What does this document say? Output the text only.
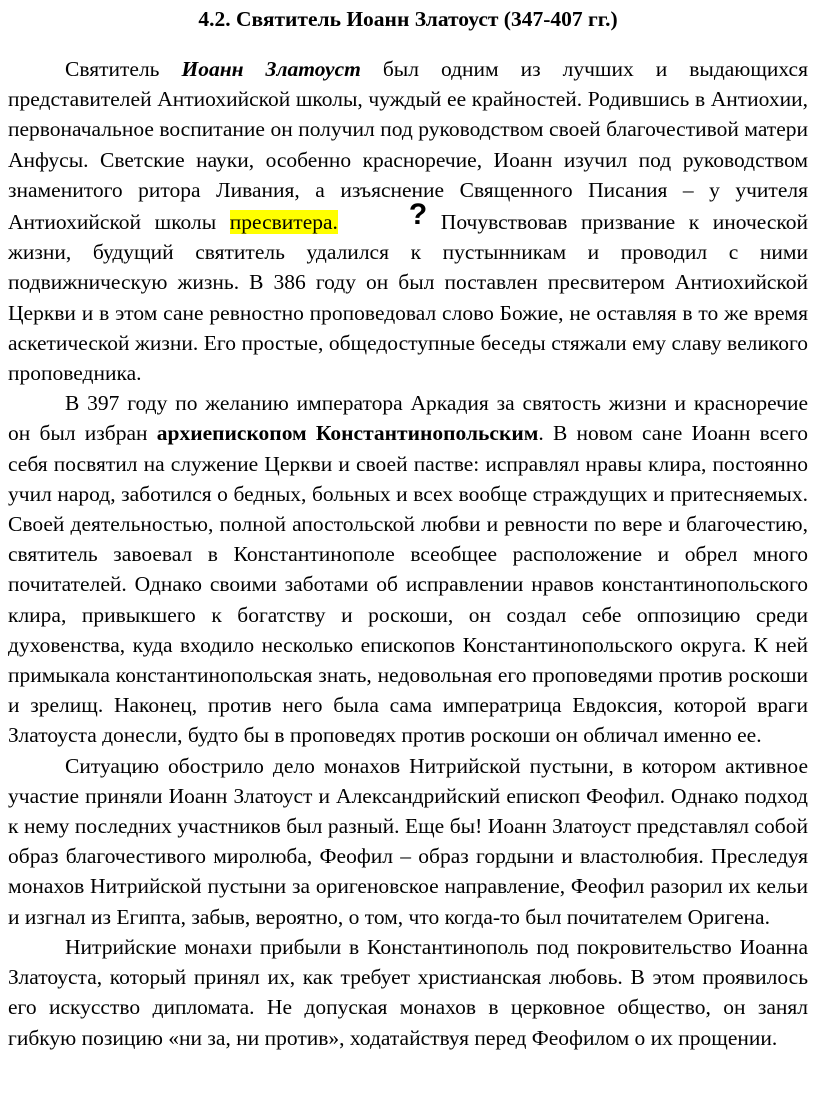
4.2. Святитель Иоанн Златоуст (347-407 гг.)

Святитель Иоанн Златоуст был одним из лучших и выдающихся представителей Антиохийской школы, чуждый ее крайностей. Родившись в Антиохии, первоначальное воспитание он получил под руководством своей благочестивой матери Анфусы. Светские науки, особенно красноречие, Иоанн изучил под руководством знаменитого ритора Ливания, а изъяснение Священного Писания – у учителя Антиохийской школы пресвитера. ? Почувствовав призвание к иноческой жизни, будущий святитель удалился к пустынникам и проводил с ними подвижническую жизнь. В 386 году он был поставлен пресвитером Антиохийской Церкви и в этом сане ревностно проповедовал слово Божие, не оставляя в то же время аскетической жизни. Его простые, общедоступные беседы стяжали ему славу великого проповедника.

В 397 году по желанию императора Аркадия за святость жизни и красноречие он был избран архиепископом Константинопольским. В новом сане Иоанн всего себя посвятил на служение Церкви и своей пастве: исправлял нравы клира, постоянно учил народ, заботился о бедных, больных и всех вообще страждущих и притесняемых. Своей деятельностью, полной апостольской любви и ревности по вере и благочестию, святитель завоевал в Константинополе всеобщее расположение и обрел много почитателей. Однако своими заботами об исправлении нравов константинопольского клира, привыкшего к богатству и роскоши, он создал себе оппозицию среди духовенства, куда входило несколько епископов Константинопольского округа. К ней примыкала константинопольская знать, недовольная его проповедями против роскоши и зрелищ. Наконец, против него была сама императрица Евдоксия, которой враги Златоуста донесли, будто бы в проповедях против роскоши он обличал именно ее.

Ситуацию обострило дело монахов Нитрийской пустыни, в котором активное участие приняли Иоанн Златоуст и Александрийский епископ Феофил. Однако подход к нему последних участников был разный. Еще бы! Иоанн Златоуст представлял собой образ благочестивого миролюба, Феофил – образ гордыни и властолюбия. Преследуя монахов Нитрийской пустыни за оригеновское направление, Феофил разорил их кельи и изгнал из Египта, забыв, вероятно, о том, что когда-то был почитателем Оригена.

Нитрийские монахи прибыли в Константинополь под покровительство Иоанна Златоуста, который принял их, как требует христианская любовь. В этом проявилось его искусство дипломата. Не допуская монахов в церковное общество, он занял гибкую позицию «ни за, ни против», ходатайствуя перед Феофилом о их прощении.
